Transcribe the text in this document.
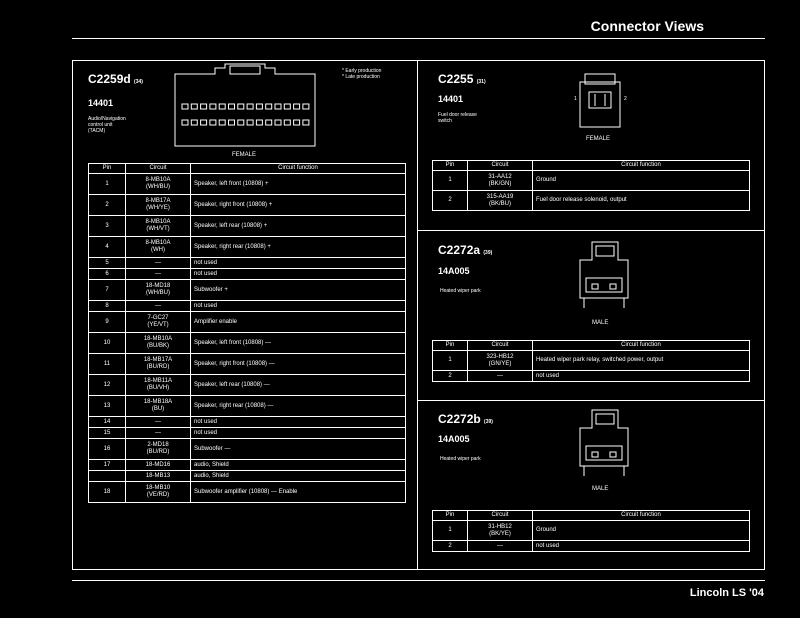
Connector Views
C2259d (34)
14401
Audio/Navigation
control unit
(TACM)
* Early production
* Late production
FEMALE
Pin	Circuit	Circuit function
1	8-MB10A
(WH/BU)	Speaker, left front (10808) +
2	8-MB17A
(WH/YE)	Speaker, right front (10808) +
3	8-MB10A
(WH/VT)	Speaker, left rear (10808) +
4	8-MB10A
(WH)	Speaker, right rear (10808) +
5	—	not used
6	—	not used
7	18-MD18
(WH/BU)	Subwoofer +
8	—	not used
9	7-GC27
(YE/VT)	Amplifier enable
10	18-MB10A
(BU/BK)	Speaker, left front (10808) —
11	18-MB17A
(BU/RD)	Speaker, right front (10808) —
12	18-MB11A
(BU/VH)	Speaker, left rear (10808) —
13	18-MB18A
(BU)	Speaker, right rear (10808) —
14	—	not used
15	—	not used
16	2-MD18
(BU/RD)	Subwoofer —
17	18-MD16	audio, Shield

	18-MB13	audio, Shield
18	18-MB10
(VE/RD)	Subwoofer amplifier (10808) — Enable
C2255 (31)
14401
Fuel door release
switch
1	2
FEMALE
Pin	Circuit	Circuit function
1	31-AA12
(BK/GN)	Ground
2	315-AA19
(BK/BU)	Fuel door release solenoid, output
C2272a (39)
14A005
Heated wiper park
MALE
Pin	Circuit	Circuit function
1	323-HB12
(GN/YE)	Heated wiper park relay, switched power, output
2	—	not used
C2272b (39)
14A005
Heated wiper park
MALE
Pin	Circuit	Circuit function
1	31-HB12
(BK/YE)	Ground
2	—	not used
Lincoln LS '04
